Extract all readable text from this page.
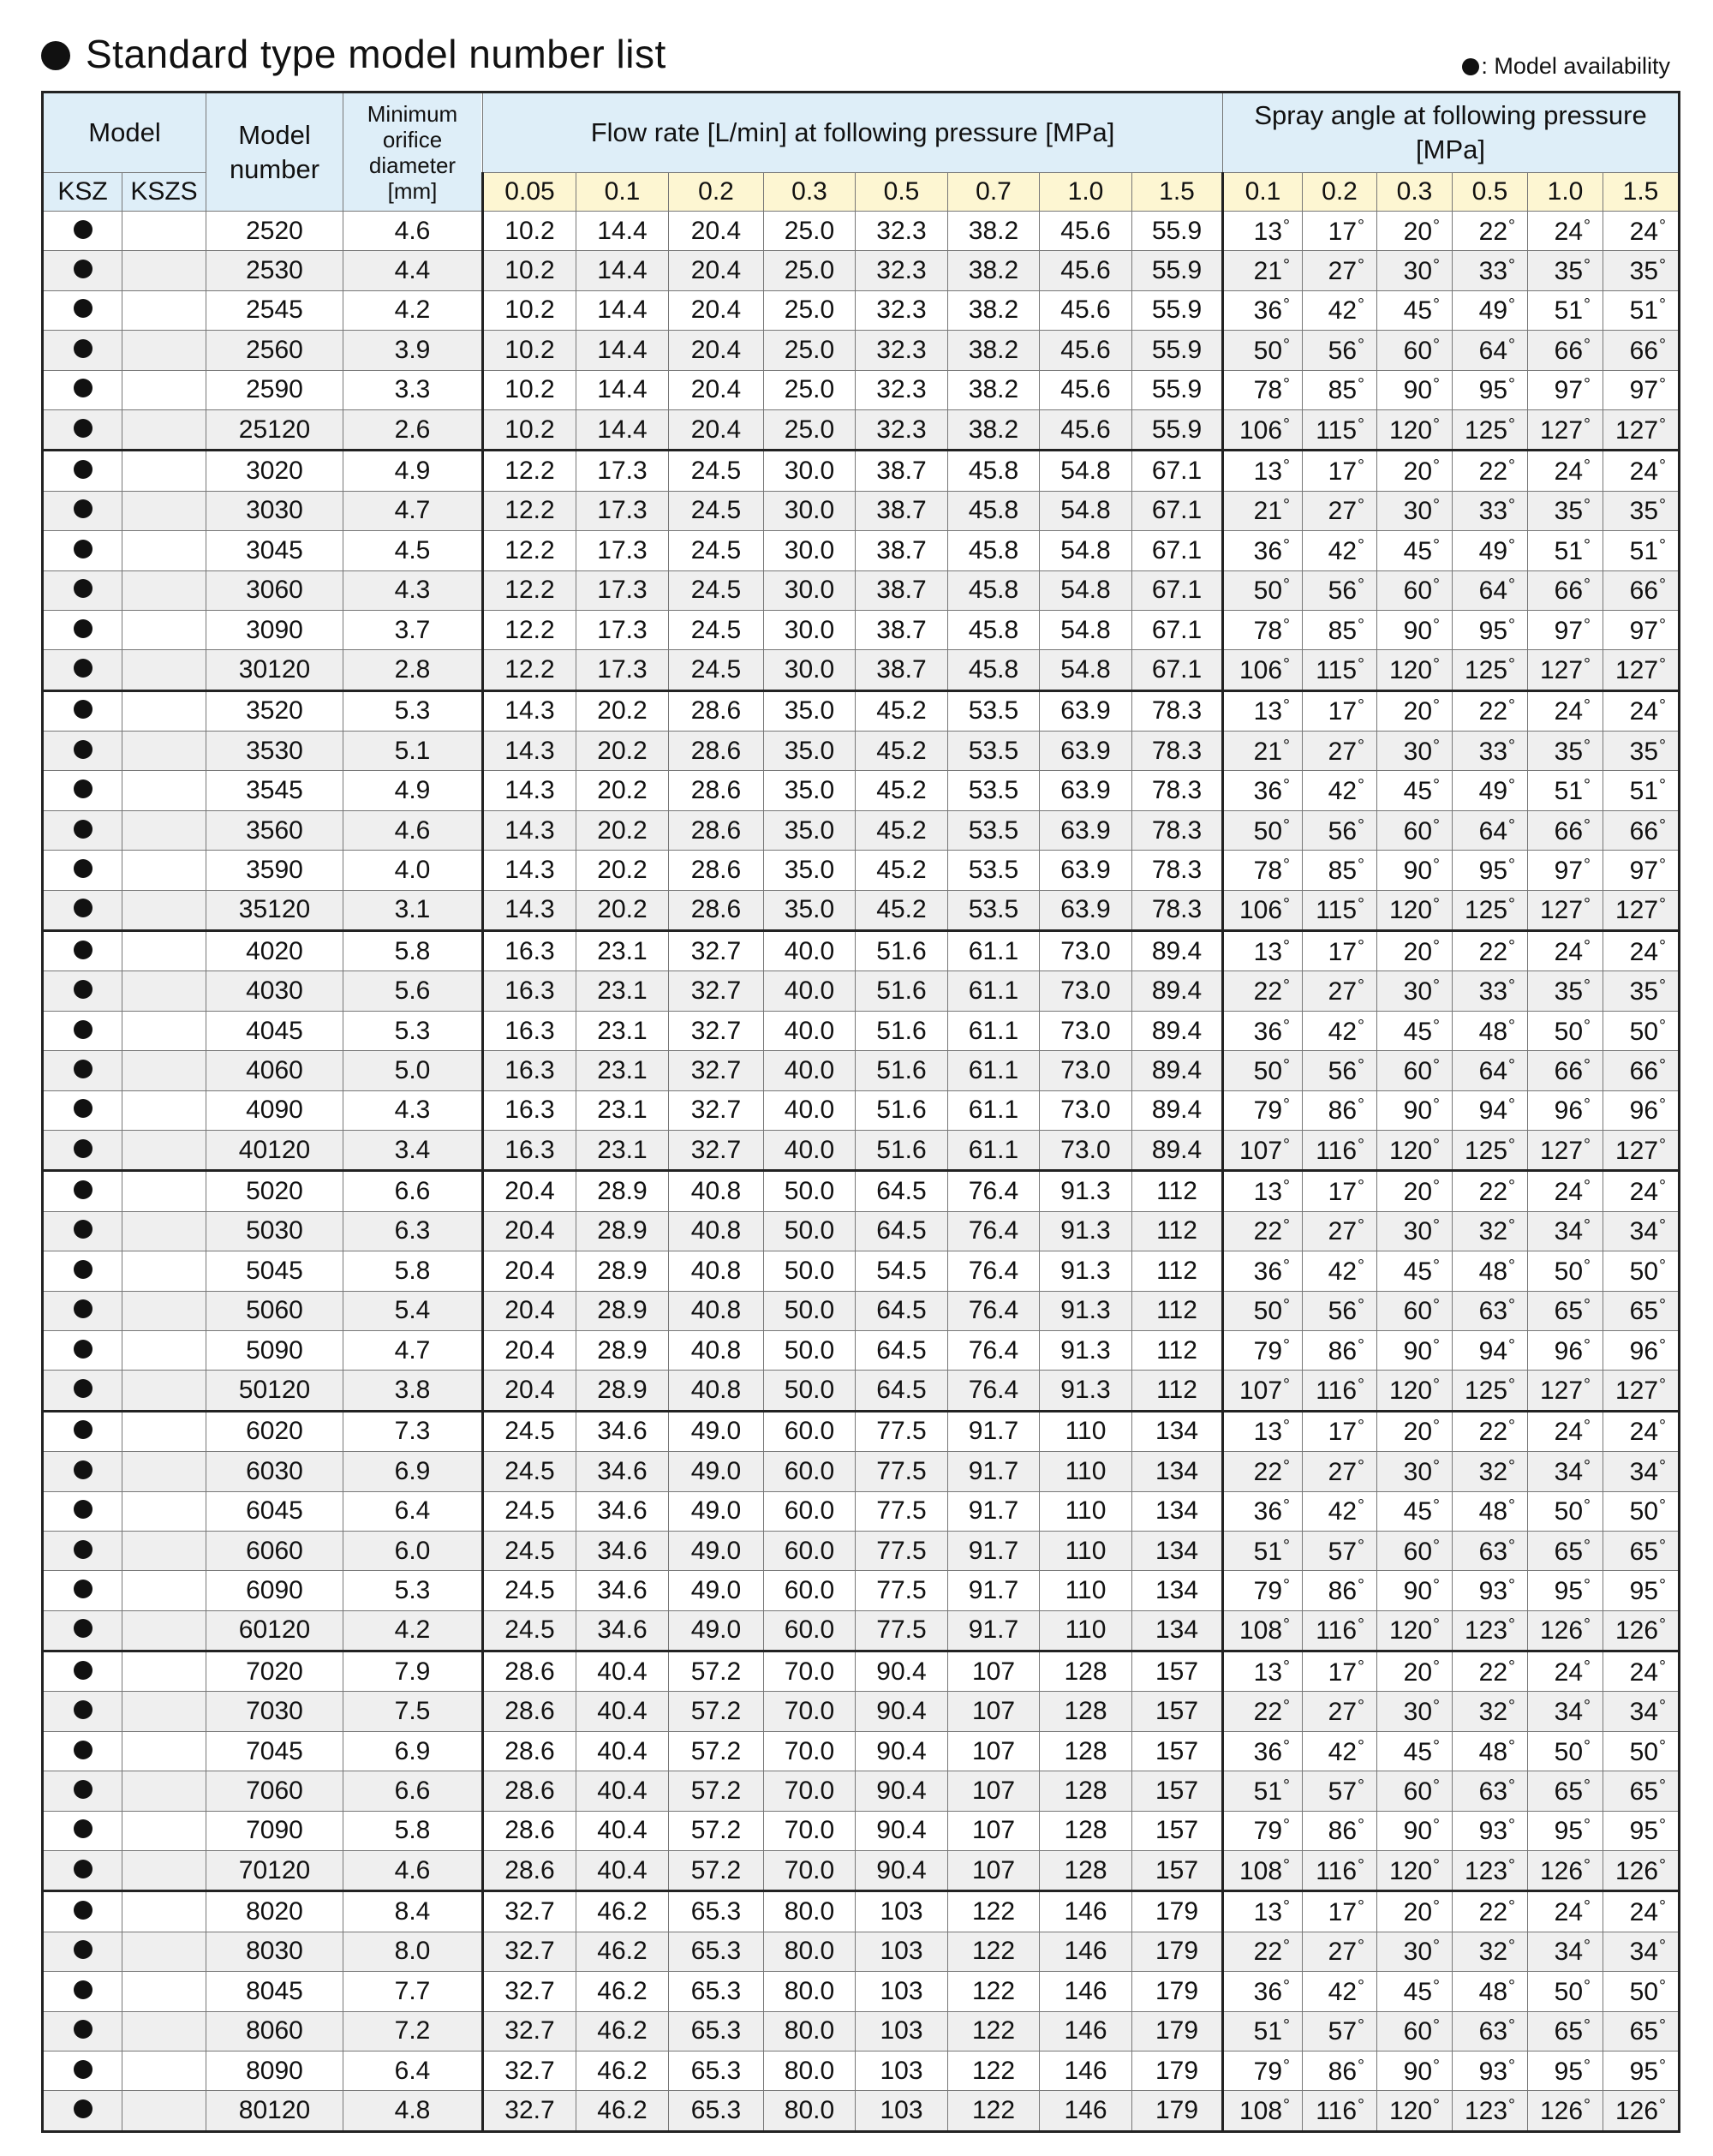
Standard type model number list	: Model availability
Model		Model number	Minimum orifice diameter [mm]	Flow rate [L/min] at following pressure [MPa]								Spray angle at following pressure [MPa]					
KSZ	KSZS			0.05	0.1	0.2	0.3	0.5	0.7	1.0	1.5	0.1	0.2	0.3	0.5	1.0	1.5
		2520	4.6	10.2	14.4	20.4	25.0	32.3	38.2	45.6	55.9	13°	17°	20°	22°	24°	24°
		2530	4.4	10.2	14.4	20.4	25.0	32.3	38.2	45.6	55.9	21°	27°	30°	33°	35°	35°
		2545	4.2	10.2	14.4	20.4	25.0	32.3	38.2	45.6	55.9	36°	42°	45°	49°	51°	51°
		2560	3.9	10.2	14.4	20.4	25.0	32.3	38.2	45.6	55.9	50°	56°	60°	64°	66°	66°
		2590	3.3	10.2	14.4	20.4	25.0	32.3	38.2	45.6	55.9	78°	85°	90°	95°	97°	97°
		25120	2.6	10.2	14.4	20.4	25.0	32.3	38.2	45.6	55.9	106°	115°	120°	125°	127°	127°
		3020	4.9	12.2	17.3	24.5	30.0	38.7	45.8	54.8	67.1	13°	17°	20°	22°	24°	24°
		3030	4.7	12.2	17.3	24.5	30.0	38.7	45.8	54.8	67.1	21°	27°	30°	33°	35°	35°
		3045	4.5	12.2	17.3	24.5	30.0	38.7	45.8	54.8	67.1	36°	42°	45°	49°	51°	51°
		3060	4.3	12.2	17.3	24.5	30.0	38.7	45.8	54.8	67.1	50°	56°	60°	64°	66°	66°
		3090	3.7	12.2	17.3	24.5	30.0	38.7	45.8	54.8	67.1	78°	85°	90°	95°	97°	97°
		30120	2.8	12.2	17.3	24.5	30.0	38.7	45.8	54.8	67.1	106°	115°	120°	125°	127°	127°
		3520	5.3	14.3	20.2	28.6	35.0	45.2	53.5	63.9	78.3	13°	17°	20°	22°	24°	24°
		3530	5.1	14.3	20.2	28.6	35.0	45.2	53.5	63.9	78.3	21°	27°	30°	33°	35°	35°
		3545	4.9	14.3	20.2	28.6	35.0	45.2	53.5	63.9	78.3	36°	42°	45°	49°	51°	51°
		3560	4.6	14.3	20.2	28.6	35.0	45.2	53.5	63.9	78.3	50°	56°	60°	64°	66°	66°
		3590	4.0	14.3	20.2	28.6	35.0	45.2	53.5	63.9	78.3	78°	85°	90°	95°	97°	97°
		35120	3.1	14.3	20.2	28.6	35.0	45.2	53.5	63.9	78.3	106°	115°	120°	125°	127°	127°
		4020	5.8	16.3	23.1	32.7	40.0	51.6	61.1	73.0	89.4	13°	17°	20°	22°	24°	24°
		4030	5.6	16.3	23.1	32.7	40.0	51.6	61.1	73.0	89.4	22°	27°	30°	33°	35°	35°
		4045	5.3	16.3	23.1	32.7	40.0	51.6	61.1	73.0	89.4	36°	42°	45°	48°	50°	50°
		4060	5.0	16.3	23.1	32.7	40.0	51.6	61.1	73.0	89.4	50°	56°	60°	64°	66°	66°
		4090	4.3	16.3	23.1	32.7	40.0	51.6	61.1	73.0	89.4	79°	86°	90°	94°	96°	96°
		40120	3.4	16.3	23.1	32.7	40.0	51.6	61.1	73.0	89.4	107°	116°	120°	125°	127°	127°
		5020	6.6	20.4	28.9	40.8	50.0	64.5	76.4	91.3	112	13°	17°	20°	22°	24°	24°
		5030	6.3	20.4	28.9	40.8	50.0	64.5	76.4	91.3	112	22°	27°	30°	32°	34°	34°
		5045	5.8	20.4	28.9	40.8	50.0	54.5	76.4	91.3	112	36°	42°	45°	48°	50°	50°
		5060	5.4	20.4	28.9	40.8	50.0	64.5	76.4	91.3	112	50°	56°	60°	63°	65°	65°
		5090	4.7	20.4	28.9	40.8	50.0	64.5	76.4	91.3	112	79°	86°	90°	94°	96°	96°
		50120	3.8	20.4	28.9	40.8	50.0	64.5	76.4	91.3	112	107°	116°	120°	125°	127°	127°
		6020	7.3	24.5	34.6	49.0	60.0	77.5	91.7	110	134	13°	17°	20°	22°	24°	24°
		6030	6.9	24.5	34.6	49.0	60.0	77.5	91.7	110	134	22°	27°	30°	32°	34°	34°
		6045	6.4	24.5	34.6	49.0	60.0	77.5	91.7	110	134	36°	42°	45°	48°	50°	50°
		6060	6.0	24.5	34.6	49.0	60.0	77.5	91.7	110	134	51°	57°	60°	63°	65°	65°
		6090	5.3	24.5	34.6	49.0	60.0	77.5	91.7	110	134	79°	86°	90°	93°	95°	95°
		60120	4.2	24.5	34.6	49.0	60.0	77.5	91.7	110	134	108°	116°	120°	123°	126°	126°
		7020	7.9	28.6	40.4	57.2	70.0	90.4	107	128	157	13°	17°	20°	22°	24°	24°
		7030	7.5	28.6	40.4	57.2	70.0	90.4	107	128	157	22°	27°	30°	32°	34°	34°
		7045	6.9	28.6	40.4	57.2	70.0	90.4	107	128	157	36°	42°	45°	48°	50°	50°
		7060	6.6	28.6	40.4	57.2	70.0	90.4	107	128	157	51°	57°	60°	63°	65°	65°
		7090	5.8	28.6	40.4	57.2	70.0	90.4	107	128	157	79°	86°	90°	93°	95°	95°
		70120	4.6	28.6	40.4	57.2	70.0	90.4	107	128	157	108°	116°	120°	123°	126°	126°
		8020	8.4	32.7	46.2	65.3	80.0	103	122	146	179	13°	17°	20°	22°	24°	24°
		8030	8.0	32.7	46.2	65.3	80.0	103	122	146	179	22°	27°	30°	32°	34°	34°
		8045	7.7	32.7	46.2	65.3	80.0	103	122	146	179	36°	42°	45°	48°	50°	50°
		8060	7.2	32.7	46.2	65.3	80.0	103	122	146	179	51°	57°	60°	63°	65°	65°
		8090	6.4	32.7	46.2	65.3	80.0	103	122	146	179	79°	86°	90°	93°	95°	95°
		80120	4.8	32.7	46.2	65.3	80.0	103	122	146	179	108°	116°	120°	123°	126°	126°
